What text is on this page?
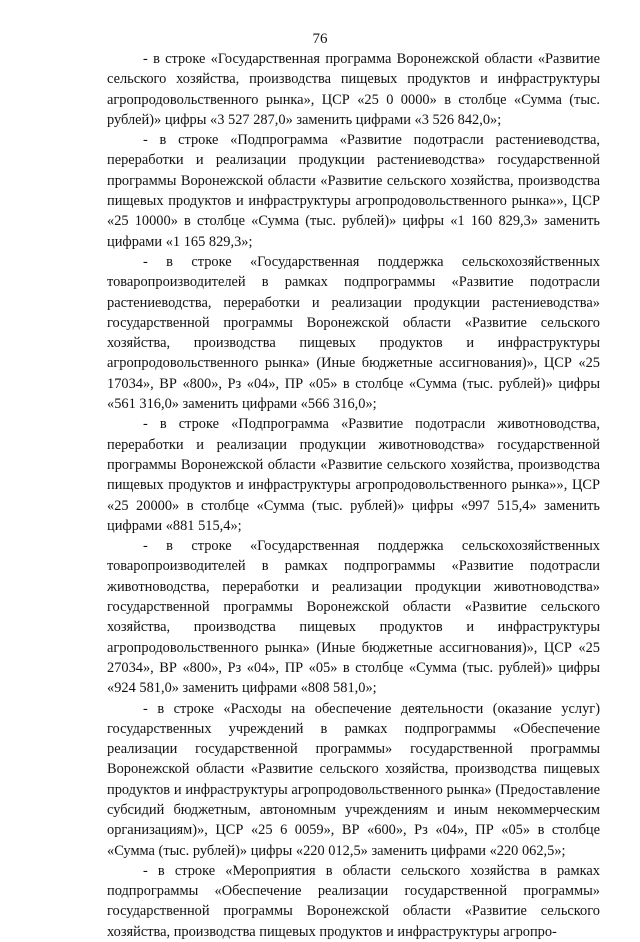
76

- в строке «Государственная программа Воронежской области «Развитие сельского хозяйства, производства пищевых продуктов и инфраструктуры агропродовольственного рынка», ЦСР «25 0 0000» в столбце «Сумма (тыс. рублей)» цифры «3 527 287,0» заменить цифрами «3 526 842,0»;

- в строке «Подпрограмма «Развитие подотрасли растениеводства, переработки и реализации продукции растениеводства» государственной программы Воронежской области «Развитие сельского хозяйства, производства пищевых продуктов и инфраструктуры агропродовольственного рынка»», ЦСР «25 10000» в столбце «Сумма (тыс. рублей)» цифры «1 160 829,3» заменить цифрами «1 165 829,3»;

- в строке «Государственная поддержка сельскохозяйственных товаропроизводителей в рамках подпрограммы «Развитие подотрасли растениеводства, переработки и реализации продукции растениеводства» государственной программы Воронежской области «Развитие сельского хозяйства, производства пищевых продуктов и инфраструктуры агропродовольственного рынка» (Иные бюджетные ассигнования)», ЦСР «25 17034», ВР «800», Рз «04», ПР «05» в столбце «Сумма (тыс. рублей)» цифры «561 316,0» заменить цифрами «566 316,0»;

- в строке «Подпрограмма «Развитие подотрасли животноводства, переработки и реализации продукции животноводства» государственной программы Воронежской области «Развитие сельского хозяйства, производства пищевых продуктов и инфраструктуры агропродовольственного рынка»», ЦСР «25 20000» в столбце «Сумма (тыс. рублей)» цифры «997 515,4» заменить цифрами «881 515,4»;

- в строке «Государственная поддержка сельскохозяйственных товаропроизводителей в рамках подпрограммы «Развитие подотрасли животноводства, переработки и реализации продукции животноводства» государственной программы Воронежской области «Развитие сельского хозяйства, производства пищевых продуктов и инфраструктуры агропродовольственного рынка» (Иные бюджетные ассигнования)», ЦСР «25 27034», ВР «800», Рз «04», ПР «05» в столбце «Сумма (тыс. рублей)» цифры «924 581,0» заменить цифрами «808 581,0»;

- в строке «Расходы на обеспечение деятельности (оказание услуг) государственных учреждений в рамках подпрограммы «Обеспечение реализации государственной программы» государственной программы Воронежской области «Развитие сельского хозяйства, производства пищевых продуктов и инфраструктуры агропродовольственного рынка» (Предоставление субсидий бюджетным, автономным учреждениям и иным некоммерческим организациям)», ЦСР «25 6 0059», ВР «600», Рз «04», ПР «05» в столбце «Сумма (тыс. рублей)» цифры «220 012,5» заменить цифрами «220 062,5»;

- в строке «Мероприятия в области сельского хозяйства в рамках подпрограммы «Обеспечение реализации государственной программы» государственной программы Воронежской области «Развитие сельского хозяйства, производства пищевых продуктов и инфраструктуры агропро-
